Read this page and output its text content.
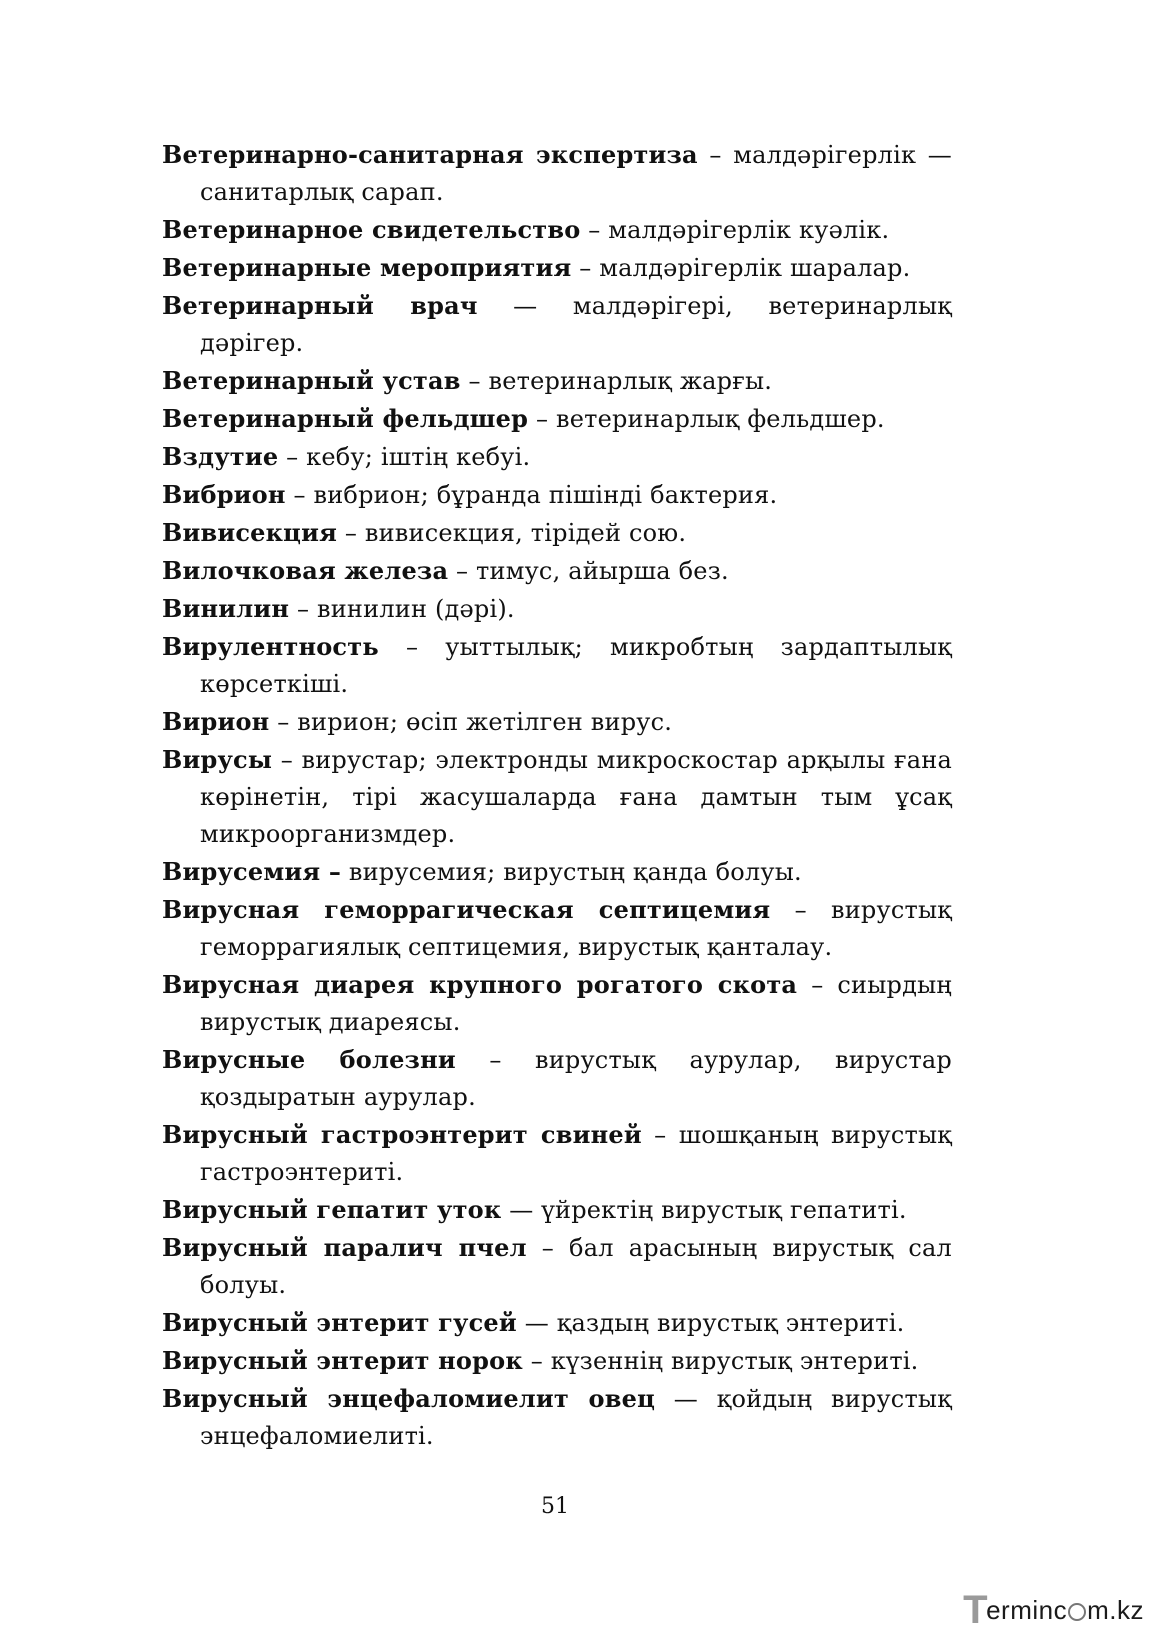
Ветеринарно-санитарная экспертиза – малдәрігерлік — санитарлық сарап.

Ветеринарное свидетельство – малдәрігерлік куәлік.

Ветеринарные мероприятия – малдәрігерлік шаралар.

Ветеринарный врач — малдәрігері, ветеринарлық дәрігер.

Ветеринарный устав – ветеринарлық жарғы.

Ветеринарный фельдшер – ветеринарлық фельдшер.

Вздутие – кебу; іштің кебуі.

Вибрион – вибрион; бұранда пішінді бактерия.

Вивисекция – вивисекция, тірідей сою.

Вилочковая железа – тимус, айырша без.

Винилин – винилин (дәрі).

Вирулентность – уыттылық; микробтың зардаптылық көрсеткіші.

Вирион – вирион; өсіп жетілген вирус.

Вирусы – вирустар; электронды микроскостар арқылы ғана көрінетін, тірі жасушаларда ғана дамтын тым ұсақ микроорганизмдер.

Вирусемия – вирусемия; вирустың қанда болуы.

Вирусная геморрагическая септицемия – вирустық геморрагиялық септицемия, вирустық қанталау.

Вирусная диарея крупного рогатого скота – сиырдың вирустық диареясы.

Вирусные болезни – вирустық аурулар, вирустар қоздыратын аурулар.

Вирусный гастроэнтерит свиней – шошқаның вирустық гастроэнтериті.

Вирусный гепатит уток — үйректің вирустық гепатиті.

Вирусный паралич пчел – бал арасының вирустық сал болуы.

Вирусный энтерит гусей — қаздың вирустық энтериті.

Вирусный энтерит норок – күзеннің вирустық энтериті.

Вирусный энцефаломиелит овец — қойдың вирустық энцефаломиелиті.

51
T
erminc m.kz
